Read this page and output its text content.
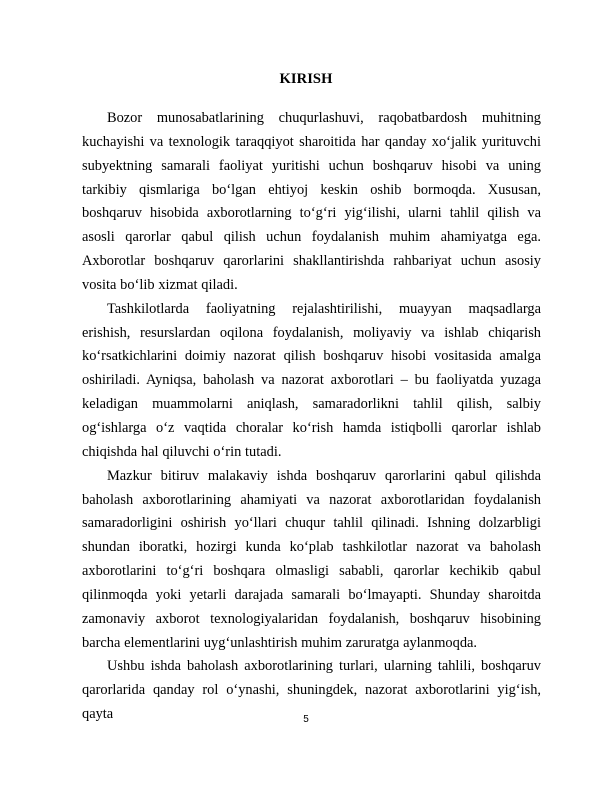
KIRISH

Bozor munosabatlarining chuqurlashuvi, raqobatbardosh muhitning kuchayishi va texnologik taraqqiyot sharoitida har qanday xo‘jalik yurituvchi subyektning samarali faoliyat yuritishi uchun boshqaruv hisobi va uning tarkibiy qismlariga bo‘lgan ehtiyoj keskin oshib bormoqda. Xususan, boshqaruv hisobida axborotlarning to‘g‘ri yig‘ilishi, ularni tahlil qilish va asosli qarorlar qabul qilish uchun foydalanish muhim ahamiyatga ega. Axborotlar boshqaruv qarorlarini shakllantirishda rahbariyat uchun asosiy vosita bo‘lib xizmat qiladi.

Tashkilotlarda faoliyatning rejalashtirilishi, muayyan maqsadlarga erishish, resurslardan oqilona foydalanish, moliyaviy va ishlab chiqarish ko‘rsatkichlarini doimiy nazorat qilish boshqaruv hisobi vositasida amalga oshiriladi. Ayniqsa, baholash va nazorat axborotlari – bu faoliyatda yuzaga keladigan muammolarni aniqlash, samaradorlikni tahlil qilish, salbiy og‘ishlarga o‘z vaqtida choralar ko‘rish hamda istiqbolli qarorlar ishlab chiqishda hal qiluvchi o‘rin tutadi.

Mazkur bitiruv malakaviy ishda boshqaruv qarorlarini qabul qilishda baholash axborotlarining ahamiyati va nazorat axborotlaridan foydalanish samaradorligini oshirish yo‘llari chuqur tahlil qilinadi. Ishning dolzarbligi shundan iboratki, hozirgi kunda ko‘plab tashkilotlar nazorat va baholash axborotlarini to‘g‘ri boshqara olmasligi sababli, qarorlar kechikib qabul qilinmoqda yoki yetarli darajada samarali bo‘lmayapti. Shunday sharoitda zamonaviy axborot texnologiyalaridan foydalanish, boshqaruv hisobining barcha elementlarini uyg‘unlashtirish muhim zaruratga aylanmoqda.

Ushbu ishda baholash axborotlarining turlari, ularning tahlili, boshqaruv qarorlarida qanday rol o‘ynashi, shuningdek, nazorat axborotlarini yig‘ish, qayta	5
